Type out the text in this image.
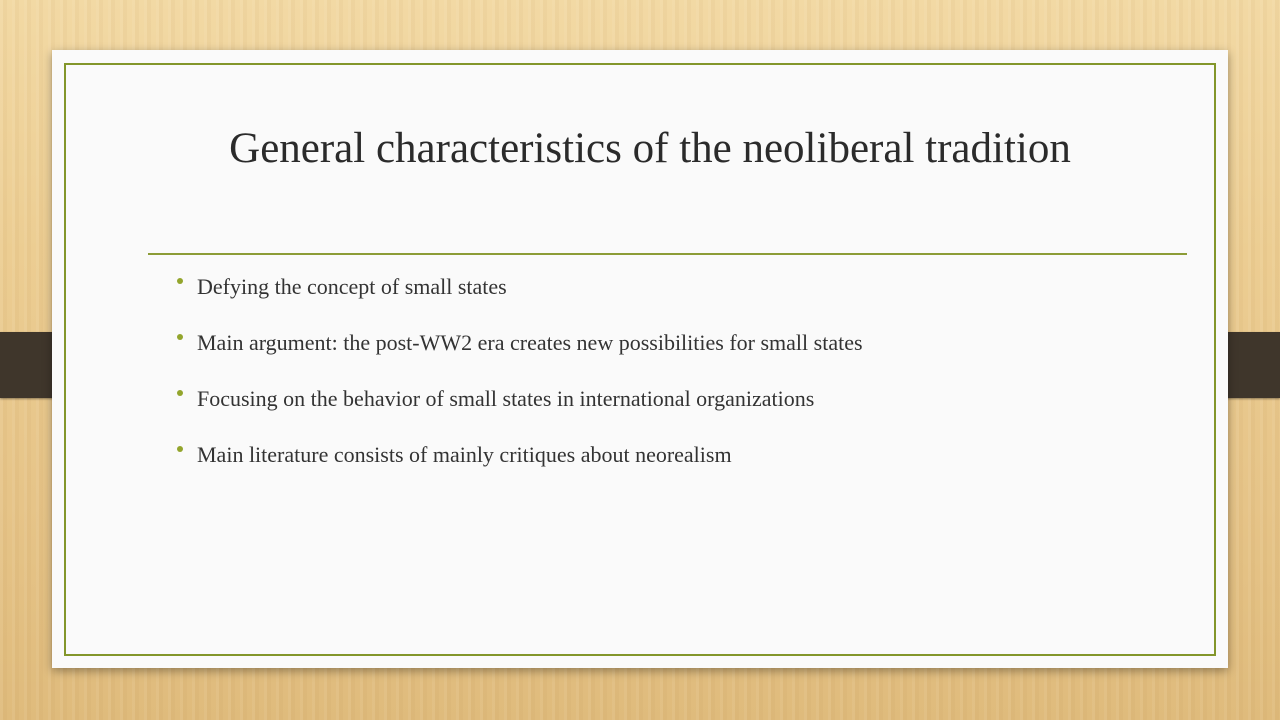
General characteristics of the neoliberal tradition
Defying the concept of small states
Main argument: the post-WW2 era creates new possibilities for small states
Focusing on the behavior of small states in international organizations
Main literature consists of mainly critiques about neorealism
